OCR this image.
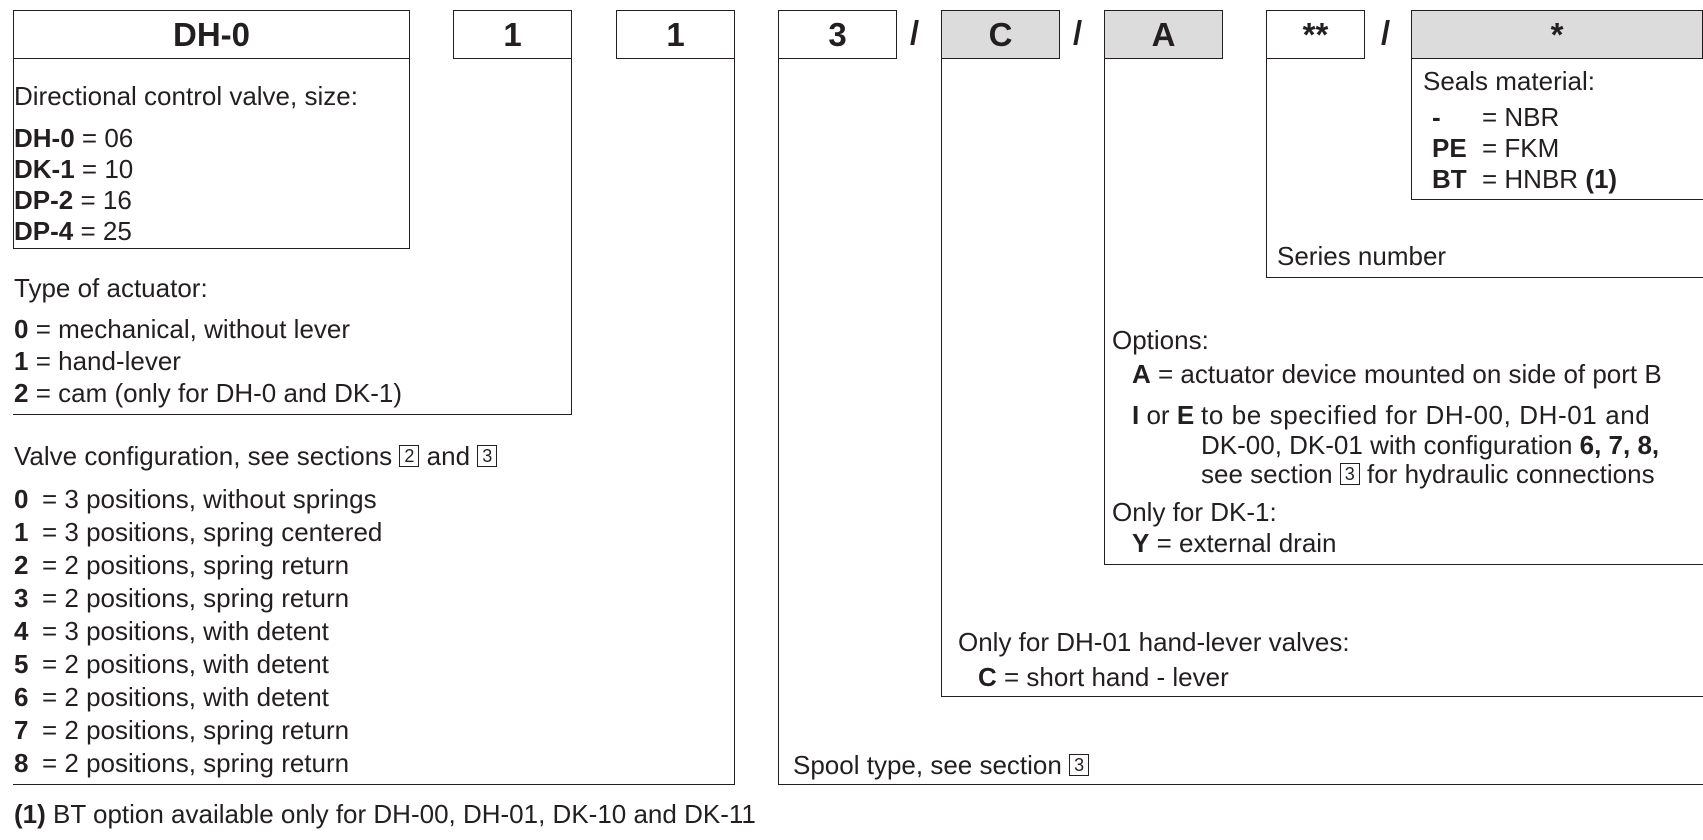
DH-0	1	1	3	/	C	/	A	**	/	*
Directional control valve, size:
DH-0 = 06
DK-1 = 10
DP-2 = 16
DP-4 = 25
Type of actuator:
0 = mechanical, without lever
1 = hand-lever
2 = cam (only for DH-0 and DK-1)
Valve configuration, see sections 2 and 3
0 = 3 positions, without springs
1 = 3 positions, spring centered
2 = 2 positions, spring return
3 = 2 positions, spring return
4 = 3 positions, with detent
5 = 2 positions, with detent
6 = 2 positions, with detent
7 = 2 positions, spring return
8 = 2 positions, spring return	Spool type, see section 3
Only for DH-01 hand-lever valves:
C = short hand - lever
Options:
A = actuator device mounted on side of port B
I or E to be specified for DH-00, DH-01 and
DK-00, DK-01 with configuration 6, 7, 8,
see section 3 for hydraulic connections
Only for DK-1:
Y = external drain
Series number
Seals material:
- = NBR
PE = FKM
BT = HNBR (1)
(1) BT option available only for DH-00, DH-01, DK-10 and DK-11
